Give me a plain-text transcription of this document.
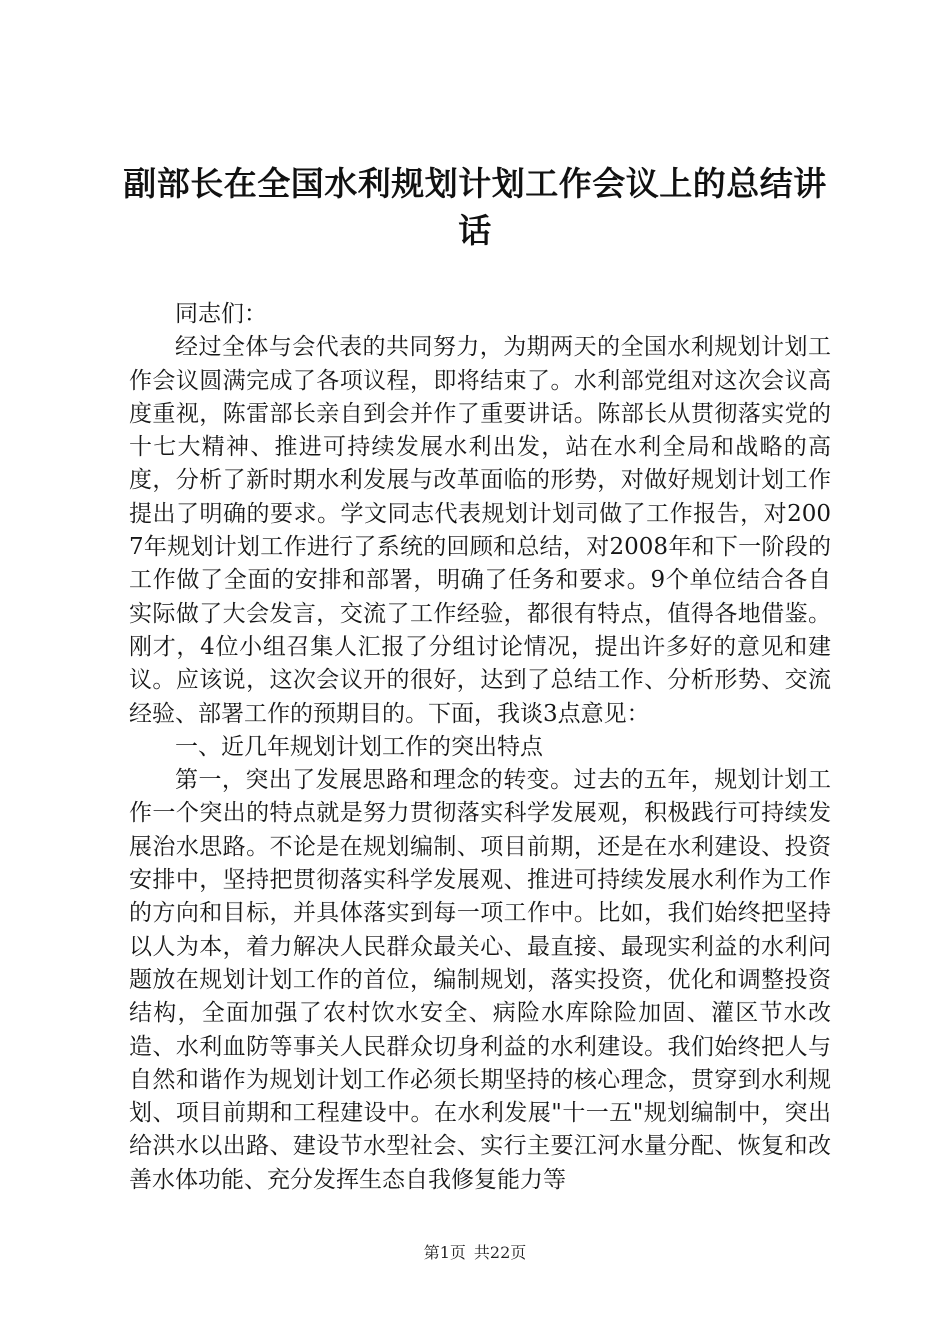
副部长在全国水利规划计划工作会议上的总结讲话

同志们：

经过全体与会代表的共同努力，为期两天的全国水利规划计划工作会议圆满完成了各项议程，即将结束了。水利部党组对这次会议高度重视，陈雷部长亲自到会并作了重要讲话。陈部长从贯彻落实党的十七大精神、推进可持续发展水利出发，站在水利全局和战略的高度，分析了新时期水利发展与改革面临的形势，对做好规划计划工作提出了明确的要求。学文同志代表规划计划司做了工作报告，对2007年规划计划工作进行了系统的回顾和总结，对2008年和下一阶段的工作做了全面的安排和部署，明确了任务和要求。9个单位结合各自实际做了大会发言，交流了工作经验，都很有特点，值得各地借鉴。刚才，4位小组召集人汇报了分组讨论情况，提出许多好的意见和建议。应该说，这次会议开的很好，达到了总结工作、分析形势、交流经验、部署工作的预期目的。下面，我谈3点意见：

一、近几年规划计划工作的突出特点

第一，突出了发展思路和理念的转变。过去的五年，规划计划工作一个突出的特点就是努力贯彻落实科学发展观，积极践行可持续发展治水思路。不论是在规划编制、项目前期，还是在水利建设、投资安排中，坚持把贯彻落实科学发展观、推进可持续发展水利作为工作的方向和目标，并具体落实到每一项工作中。比如，我们始终把坚持以人为本，着力解决人民群众最关心、最直接、最现实利益的水利问题放在规划计划工作的首位，编制规划，落实投资，优化和调整投资结构，全面加强了农村饮水安全、病险水库除险加固、灌区节水改造、水利血防等事关人民群众切身利益的水利建设。我们始终把人与自然和谐作为规划计划工作必须长期坚持的核心理念，贯穿到水利规划、项目前期和工程建设中。在水利发展"十一五"规划编制中，突出给洪水以出路、建设节水型社会、实行主要江河水量分配、恢复和改善水体功能、充分发挥生态自我修复能力等

第1页 共22页
